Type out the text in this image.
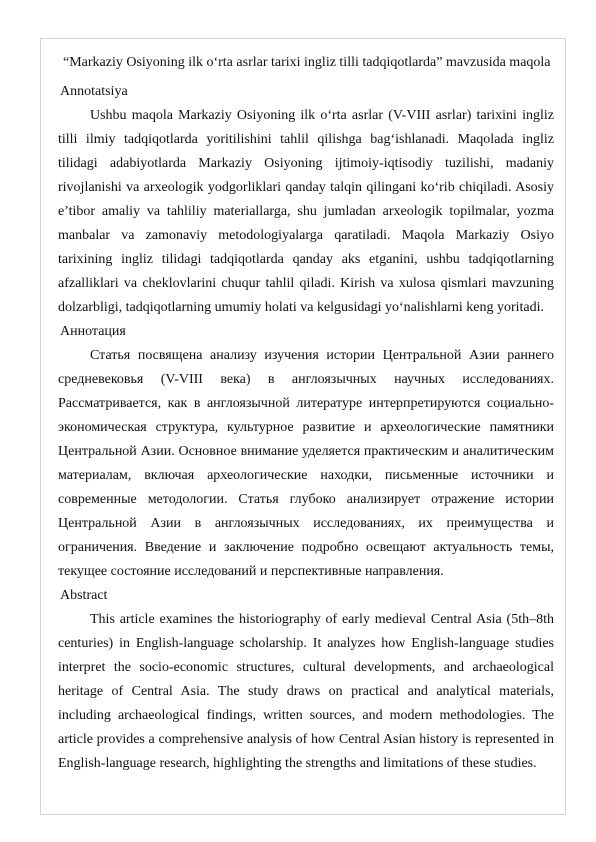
“Markaziy Osiyoning ilk o‘rta asrlar tarixi ingliz tilli tadqiqotlarda” mavzusida maqola

Annotatsiya

Ushbu maqola Markaziy Osiyoning ilk o‘rta asrlar (V-VIII asrlar) tarixini ingliz tilli ilmiy tadqiqotlarda yoritilishini tahlil qilishga bag‘ishlanadi. Maqolada ingliz tilidagi adabiyotlarda Markaziy Osiyoning ijtimoiy-iqtisodiy tuzilishi, madaniy rivojlanishi va arxeologik yodgorliklari qanday talqin qilingani ko‘rib chiqiladi. Asosiy e’tibor amaliy va tahliliy materiallarga, shu jumladan arxeologik topilmalar, yozma manbalar va zamonaviy metodologiyalarga qaratiladi. Maqola Markaziy Osiyo tarixining ingliz tilidagi tadqiqotlarda qanday aks etganini, ushbu tadqiqotlarning afzalliklari va cheklovlarini chuqur tahlil qiladi. Kirish va xulosa qismlari mavzuning dolzarbligi, tadqiqotlarning umumiy holati va kelgusidagi yo‘nalishlarni keng yoritadi.

Аннотация

Статья посвящена анализу изучения истории Центральной Азии раннего средневековья (V-VIII века) в англоязычных научных исследованиях. Рассматривается, как в англоязычной литературе интерпретируются социально-экономическая структура, культурное развитие и археологические памятники Центральной Азии. Основное внимание уделяется практическим и аналитическим материалам, включая археологические находки, письменные источники и современные методологии. Статья глубоко анализирует отражение истории Центральной Азии в англоязычных исследованиях, их преимущества и ограничения. Введение и заключение подробно освещают актуальность темы, текущее состояние исследований и перспективные направления.

Abstract

This article examines the historiography of early medieval Central Asia (5th–8th centuries) in English-language scholarship. It analyzes how English-language studies interpret the socio-economic structures, cultural developments, and archaeological heritage of Central Asia. The study draws on practical and analytical materials, including archaeological findings, written sources, and modern methodologies. The article provides a comprehensive analysis of how Central Asian history is represented in English-language research, highlighting the strengths and limitations of these studies.
